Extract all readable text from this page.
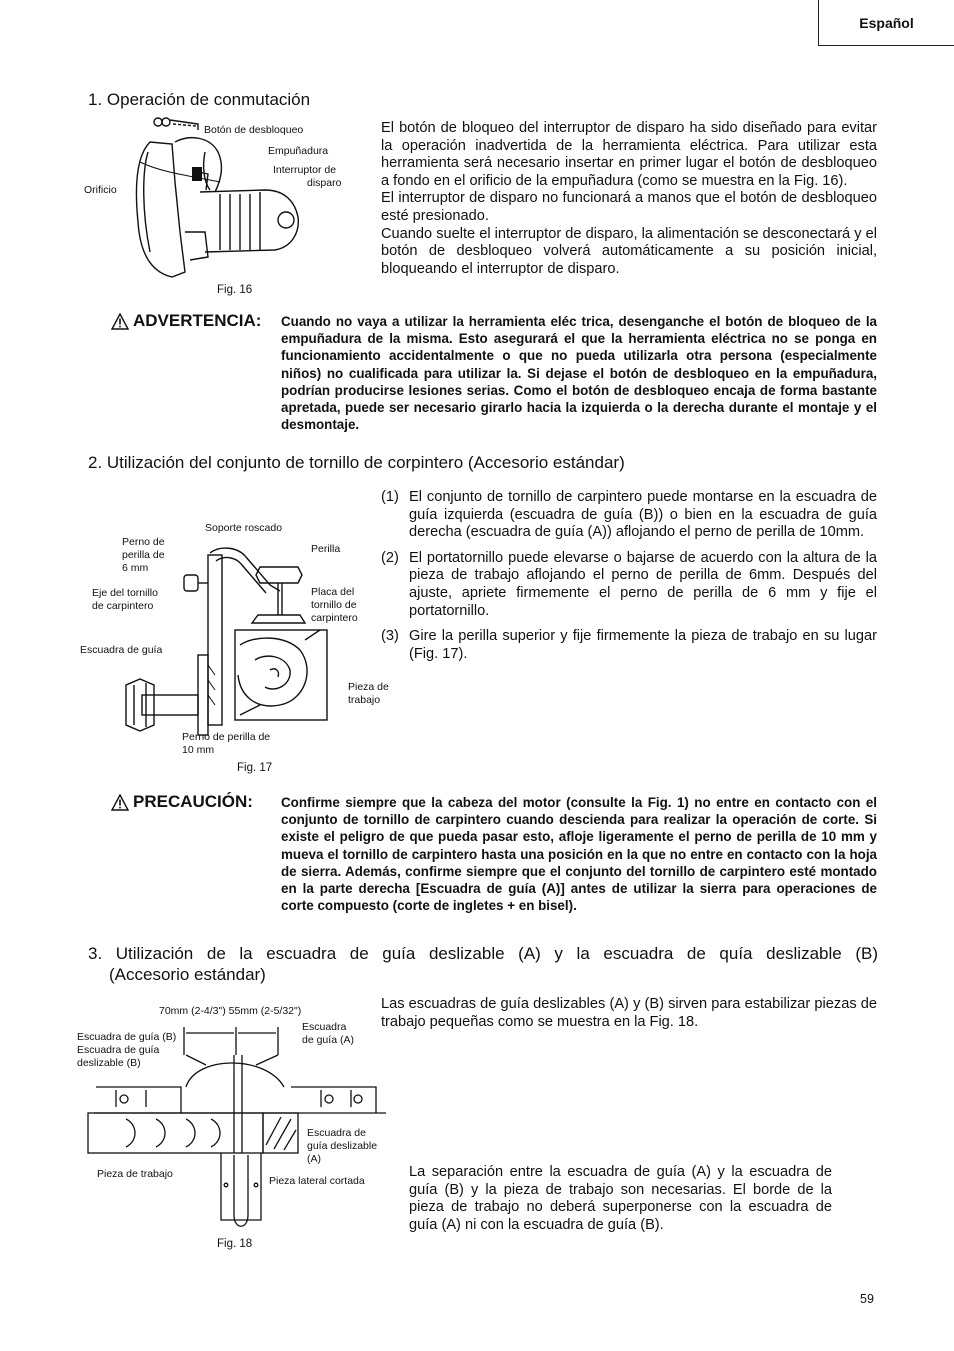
Español
1. Operación de conmutación
Botón de desbloqueo
Empuñadura
Interruptor de
disparo
Orificio
Fig. 16
El botón de bloqueo del interruptor de disparo ha sido diseñado para evitar la operación inadvertida de la herramienta eléctrica. Para utilizar esta herramienta será necesario insertar en primer lugar el botón de desbloqueo a fondo en el orificio de la empuñadura (como se muestra en la Fig. 16).
El interruptor de disparo no funcionará a manos que el botón de desbloqueo esté presionado.
Cuando suelte el interruptor de disparo, la alimentación se desconectará y el botón de desbloqueo volverá automáticamente a su posición inicial, bloqueando el interruptor de disparo.
ADVERTENCIA: Cuando no vaya a utilizar la herramienta eléc trica, desenganche el botón de bloqueo de la empuñadura de la misma. Esto asegurará el que la herramienta eléctrica no se ponga en funcionamiento accidentalmente o que no pueda utilizarla otra persona (especialmente niños) no cualificada para utilizar la. Si dejase el botón de desbloqueo en la empuñadura, podrían producirse lesiones serias. Como el botón de desbloqueo encaja de forma bastante apretada, puede ser necesario girarlo hacia la izquierda o la derecha durante el montaje y el desmontaje.
2. Utilización del conjunto de tornillo de corpintero (Accesorio estándar)
Soporte roscado
Perno de
perilla de
6 mm
Perilla
Eje del tornillo
de carpintero
Placa del
tornillo de
carpintero
Escuadra de guía
Pieza de
trabajo
Perno de perilla de
10 mm
Fig. 17
(1) El conjunto de tornillo de carpintero puede montarse en la escuadra de guía izquierda (escuadra de guía (B)) o bien en la escuadra de guía derecha (escuadra de guía (A)) aflojando el perno de perilla de 10mm.
(2) El portatornillo puede elevarse o bajarse de acuerdo con la altura de la pieza de trabajo aflojando el perno de perilla de 6mm. Después del ajuste, apriete firmemente el perno de perilla de 6 mm y fije el portatornillo.
(3) Gire la perilla superior y fije firmemente la pieza de trabajo en su lugar (Fig. 17).
PRECAUCIÓN: Confirme siempre que la cabeza del motor (consulte la Fig. 1) no entre en contacto con el conjunto de tornillo de carpintero cuando descienda para realizar la operación de corte. Si existe el peligro de que pueda pasar esto, afloje ligeramente el perno de perilla de 10 mm y mueva el tornillo de carpintero hasta una posición en la que no entre en contacto con la hoja de sierra. Además, confirme siempre que el conjunto del tornillo de carpintero esté montado en la parte derecha [Escuadra de guía (A)] antes de utilizar la sierra para operaciones de corte compuesto (corte de ingletes + en bisel).
3. Utilización de la escuadra de guía deslizable (A) y la escuadra de quía deslizable (B)
(Accesorio estándar)
70mm (2-4/3") 55mm (2-5/32")
Escuadra de guía (B)
Escuadra de guía
deslizable (B)
Escuadra
de guía (A)
Escuadra de
guía deslizable
(A)
Pieza de trabajo
Pieza lateral cortada
Fig. 18
Las escuadras de guía deslizables (A) y (B) sirven para estabilizar piezas de trabajo pequeñas como se muestra en la Fig. 18.
La separación entre la escuadra de guía (A) y la escuadra de guía (B) y la pieza de trabajo son necesarias. El borde de la pieza de trabajo no deberá superponerse con la escuadra de guía (A) ni con la escuadra de guía (B).
59
